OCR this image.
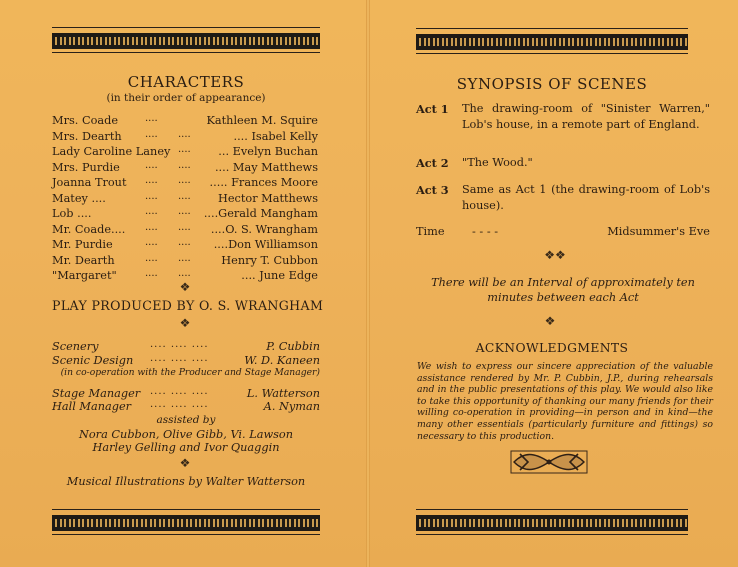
CHARACTERS
(in their order of appearance)
Mrs. Coade	....	Kathleen M. Squire
Mrs. Dearth .... ....	.... Isabel Kelly
Lady Caroline Laney .... ... Evelyn Buchan
Mrs. Purdie	.... .... .... May Matthews
Joanna Trout .... .... ..... Frances Moore
Matey ....	.... .... Hector Matthews
Lob ....	.... .... ....Gerald Mangham
Mr. Coade.... .... .... ....O. S. Wrangham
Mr. Purdie	.... .... ....Don Williamson
Mr. Dearth	.... ....	Henry T. Cubbon
"Margaret"	.... ....	.... June Edge
❖
PLAY PRODUCED BY O. S. WRANGHAM
❖
Scenery	.... .... ....	P. Cubbin
Scenic Design .... .... ....	W. D. Kaneen
(in co-operation with the Producer and Stage Manager)
Stage Manager .... .... ....	L. Watterson
Hall Manager .... .... ....	A. Nyman
assisted by
Nora Cubbon, Olive Gibb, Vi. Lawson
Harley Gelling and Ivor Quaggin
❖
Musical Illustrations by Walter Watterson
SYNOPSIS OF SCENES
Act 1 The drawing-room of "Sinister Warren," Lob's house, in a remote part of England.
Act 2 "The Wood."
Act 3 Same as Act 1 (the drawing-room of Lob's house).
Time - - - -	Midsummer's Eve
❖❖
There will be an Interval of approximately ten
minutes between each Act
❖
ACKNOWLEDGMENTS
We wish to express our sincere appreciation of the valuable assistance rendered by Mr. P. Cubbin, J.P., during rehearsals and in the public presentations of this play. We would also like to take this opportunity of thanking our many friends for their willing co-operation in providing—in person and in kind—the many other essentials (particularly furniture and fittings) so necessary to this production.
